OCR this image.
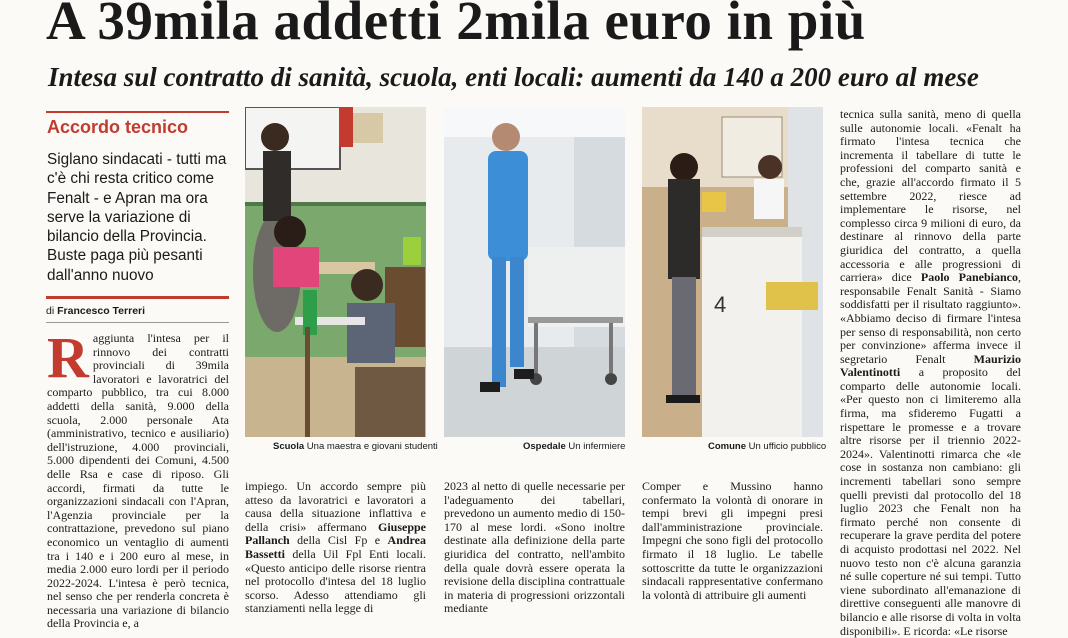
A 39mila addetti 2mila euro in più
Intesa sul contratto di sanità, scuola, enti locali: aumenti da 140 a 200 euro al mese
Accordo tecnico
Siglano sindacati - tutti ma c'è chi resta critico come Fenalt - e Apran ma ora serve la variazione di bilancio della Provincia. Buste paga più pesanti dall'anno nuovo
di Francesco Terreri
R aggiunta l'intesa per il rinnovo dei contratti provinciali di 39mila lavoratori e lavoratrici del comparto pubblico, tra cui 8.000 addetti della sanità, 9.000 della scuola, 2.000 personale Ata (amministrativo, tecnico e ausiliario) dell'istruzione, 4.000 provinciali, 5.000 dipendenti dei Comuni, 4.500 delle Rsa e case di riposo. Gli accordi, firmati da tutte le organizzazioni sindacali con l'Apran, l'Agenzia provinciale per la contrattazione, prevedono sul piano economico un ventaglio di aumenti tra i 140 e i 200 euro al mese, in media 2.000 euro lordi per il periodo 2022-2024. L'intesa è però tecnica, nel senso che per renderla concreta è necessaria una variazione di bilancio della Provincia e, a

Scuola Una maestra e giovani studenti

impiego. Un accordo sempre più atteso da lavoratrici e lavoratori a causa della situazione inflattiva e della crisi» affermano Giuseppe Pallanch della Cisl Fp e Andrea Bassetti della Uil Fpl Enti locali. «Questo anticipo delle risorse rientra nel protocollo d'intesa del 18 luglio scorso. Adesso attendiamo gli stanziamenti nella legge di

Ospedale Un infermiere

2023 al netto di quelle necessarie per l'adeguamento dei tabellari, prevedono un aumento medio di 150-170 al mese lordi. «Sono inoltre destinate alla definizione della parte giuridica del contratto, nell'ambito della quale dovrà essere operata la revisione della disciplina contrattuale in materia di progressioni orizzontali mediante

4
Comune Un ufficio pubblico

Comper e Mussino hanno confermato la volontà di onorare in tempi brevi gli impegni presi dall'amministrazione provinciale. Impegni che sono figli del protocollo firmato il 18 luglio. Le tabelle sottoscritte da tutte le organizzazioni sindacali rappresentative confermano la volontà di attribuire gli aumenti

tecnica sulla sanità, meno di quella sulle autonomie locali. «Fenalt ha firmato l'intesa tecnica che incrementa il tabellare di tutte le professioni del comparto sanità e che, grazie all'accordo firmato il 5 settembre 2022, riesce ad implementare le risorse, nel complesso circa 9 milioni di euro, da destinare al rinnovo della parte giuridica del contratto, a quella accessoria e alle progressioni di carriera» dice Paolo Panebianco, responsabile Fenalt Sanità - Siamo soddisfatti per il risultato raggiunto». «Abbiamo deciso di firmare l'intesa per senso di responsabilità, non certo per convinzione» afferma invece il segretario Fenalt Maurizio Valentinotti a proposito del comparto delle autonomie locali. «Per questo non ci limiteremo alla firma, ma sfideremo Fugatti a rispettare le promesse e a trovare altre risorse per il triennio 2022-2024». Valentinotti rimarca che «le cose in sostanza non cambiano: gli incrementi tabellari sono sempre quelli previsti dal protocollo del 18 luglio 2023 che Fenalt non ha firmato perché non consente di recuperare la grave perdita del potere di acquisto prodottasi nel 2022. Nel nuovo testo non c'è alcuna garanzia né sulle coperture né sui tempi. Tutto viene subordinato all'emanazione di direttive conseguenti alle manovre di bilancio e alle risorse di volta in volta disponibili». E ricorda: «Le risorse
